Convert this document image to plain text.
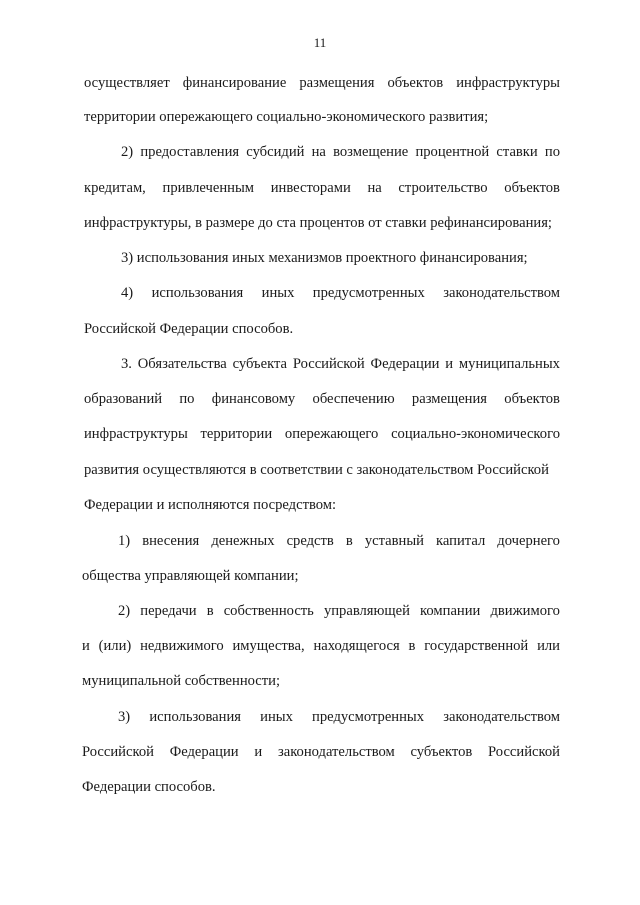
11
осуществляет финансирование размещения объектов инфраструктуры
территории опережающего социально-экономического развития;
2) предоставления субсидий на возмещение процентной ставки по
кредитам, привлеченным инвесторами на строительство объектов
инфраструктуры, в размере до ста процентов от ставки рефинансирования;
3) использования иных механизмов проектного финансирования;
4) использования иных предусмотренных законодательством
Российской Федерации способов.
3. Обязательства субъекта Российской Федерации и муниципальных
образований по финансовому обеспечению размещения объектов
инфраструктуры территории опережающего социально-экономического
развития осуществляются в соответствии с законодательством Российской
Федерации и исполняются посредством:
1) внесения денежных средств в уставный капитал дочернего
общества управляющей компании;
2) передачи в собственность управляющей компании движимого
и (или) недвижимого имущества, находящегося в государственной или
муниципальной собственности;
3) использования иных предусмотренных законодательством
Российской Федерации и законодательством субъектов Российской
Федерации способов.
